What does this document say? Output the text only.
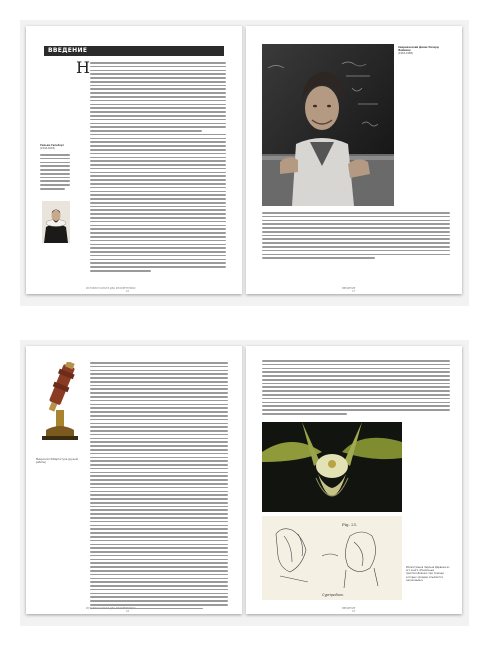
ВВЕДЕНИЕ
Н
Уильям Гильберт
(1544-1603)
ИСТОРИЯ НАУКИ В ДВА ИЗОБРЕТЕНИЯХ
16
Американский физик Ричард Фейнман
(1918-1988)
ВВЕДЕНИЕ
17
Микроскоп Роберта Гука (ручной работы)
ИСТОРИЯ НАУКИ В ДВА ИЗОБРЕТЕНИЯХ
18
Fig. 21.
Cypripedium.
Иллюстрация Чарльза Дарвина из его книги «Различные приспособления, при помощи которых орхидеи опыляются насекомыми»
ВВЕДЕНИЕ
19
